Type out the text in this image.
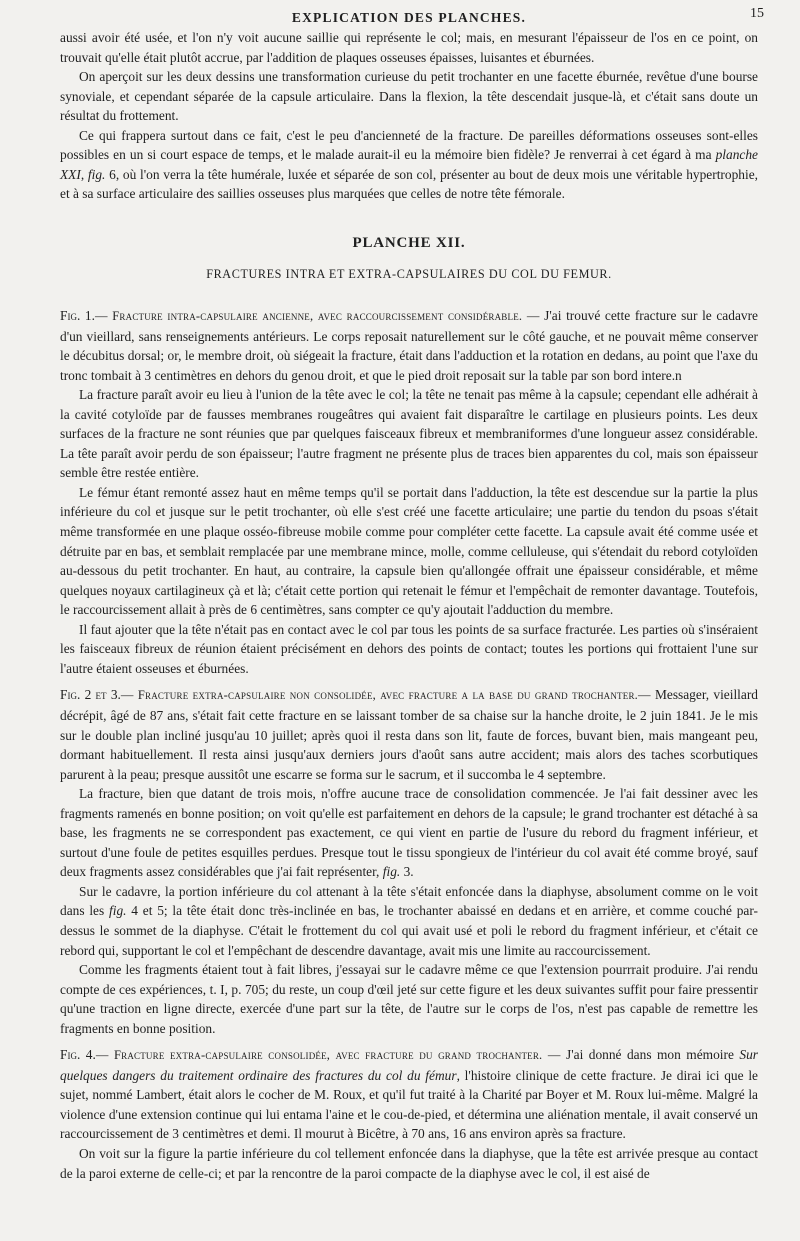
EXPLICATION DES PLANCHES.	15

aussi avoir été usée, et l'on n'y voit aucune saillie qui représente le col; mais, en mesurant l'épaisseur de l'os en ce point, on trouvait qu'elle était plutôt accrue, par l'addition de plaques osseuses épaisses, luisantes et éburnées.

On aperçoit sur les deux dessins une transformation curieuse du petit trochanter en une facette éburnée, revêtue d'une bourse synoviale, et cependant séparée de la capsule articulaire. Dans la flexion, la tête descendait jusque-là, et c'était sans doute un résultat du frottement.

Ce qui frappera surtout dans ce fait, c'est le peu d'ancienneté de la fracture. De pareilles déformations osseuses sont-elles possibles en un si court espace de temps, et le malade aurait-il eu la mémoire bien fidèle? Je renverrai à cet égard à ma planche XXI, fig. 6, où l'on verra la tête humérale, luxée et séparée de son col, présenter au bout de deux mois une véritable hypertrophie, et à sa surface articulaire des saillies osseuses plus marquées que celles de notre tête fémorale.

PLANCHE XII.
FRACTURES INTRA ET EXTRA-CAPSULAIRES DU COL DU FEMUR.

Fig. 1.— Fracture intra-capsulaire ancienne, avec raccourcissement considérable. — J'ai trouvé cette fracture sur le cadavre d'un vieillard, sans renseignements antérieurs. Le corps reposait naturellement sur le côté gauche, et ne pouvait même conserver le décubitus dorsal; or, le membre droit, où siégeait la fracture, était dans l'adduction et la rotation en dedans, au point que l'axe du tronc tombait à 3 centimètres en dehors du genou droit, et que le pied droit reposait sur la table par son bord intere.n

La fracture paraît avoir eu lieu à l'union de la tête avec le col; la tête ne tenait pas même à la capsule; cependant elle adhérait à la cavité cotyloïde par de fausses membranes rougeâtres qui avaient fait disparaître le cartilage en plusieurs points. Les deux surfaces de la fracture ne sont réunies que par quelques faisceaux fibreux et membraniformes d'une longueur assez considérable. La tête paraît avoir perdu de son épaisseur; l'autre fragment ne présente plus de traces bien apparentes du col, mais son épaisseur semble être restée entière.

Le fémur étant remonté assez haut en même temps qu'il se portait dans l'adduction, la tête est descendue sur la partie la plus inférieure du col et jusque sur le petit trochanter, où elle s'est créé une facette articulaire; une partie du tendon du psoas s'était même transformée en une plaque osséo-fibreuse mobile comme pour compléter cette facette. La capsule avait été comme usée et détruite par en bas, et semblait remplacée par une membrane mince, molle, comme celluleuse, qui s'étendait du rebord cotyloïden au-dessous du petit trochanter. En haut, au contraire, la capsule bien qu'allongée offrait une épaisseur considérable, et même quelques noyaux cartilagineux çà et là; c'était cette portion qui retenait le fémur et l'empêchait de remonter davantage. Toutefois, le raccourcissement allait à près de 6 centimètres, sans compter ce qu'y ajoutait l'adduction du membre.

Il faut ajouter que la tête n'était pas en contact avec le col par tous les points de sa surface fracturée. Les parties où s'inséraient les faisceaux fibreux de réunion étaient précisément en dehors des points de contact; toutes les portions qui frottaient l'une sur l'autre étaient osseuses et éburnées.

Fig. 2 et 3.— Fracture extra-capsulaire non consolidée, avec fracture a la base du grand trochanter.— Messager, vieillard décrépit, âgé de 87 ans, s'était fait cette fracture en se laissant tomber de sa chaise sur la hanche droite, le 2 juin 1841. Je le mis sur le double plan incliné jusqu'au 10 juillet; après quoi il resta dans son lit, faute de forces, buvant bien, mais mangeant peu, dormant habituellement. Il resta ainsi jusqu'aux derniers jours d'août sans autre accident; mais alors des taches scorbutiques parurent à la peau; presque aussitôt une escarre se forma sur le sacrum, et il succomba le 4 septembre.

La fracture, bien que datant de trois mois, n'offre aucune trace de consolidation commencée. Je l'ai fait dessiner avec les fragments ramenés en bonne position; on voit qu'elle est parfaitement en dehors de la capsule; le grand trochanter est détaché à sa base, les fragments ne se correspondent pas exactement, ce qui vient en partie de l'usure du rebord du fragment inférieur, et surtout d'une foule de petites esquilles perdues. Presque tout le tissu spongieux de l'intérieur du col avait été comme broyé, sauf deux fragments assez considérables que j'ai fait représenter, fig. 3.

Sur le cadavre, la portion inférieure du col attenant à la tête s'était enfoncée dans la diaphyse, absolument comme on le voit dans les fig. 4 et 5; la tête était donc très-inclinée en bas, le trochanter abaissé en dedans et en arrière, et comme couché par-dessus le sommet de la diaphyse. C'était le frottement du col qui avait usé et poli le rebord du fragment inférieur, et c'était ce rebord qui, supportant le col et l'empêchant de descendre davantage, avait mis une limite au raccourcissement.

Comme les fragments étaient tout à fait libres, j'essayai sur le cadavre même ce que l'extension pourrrait produire. J'ai rendu compte de ces expériences, t. I, p. 705; du reste, un coup d'œil jeté sur cette figure et les deux suivantes suffit pour faire pressentir qu'une traction en ligne directe, exercée d'une part sur la tête, de l'autre sur le corps de l'os, n'est pas capable de remettre les fragments en bonne position.

Fig. 4.— Fracture extra-capsulaire consolidée, avec fracture du grand trochanter. — J'ai donné dans mon mémoire Sur quelques dangers du traitement ordinaire des fractures du col du fémur, l'histoire clinique de cette fracture. Je dirai ici que le sujet, nommé Lambert, était alors le cocher de M. Roux, et qu'il fut traité à la Charité par Boyer et M. Roux lui-même. Malgré la violence d'une extension continue qui lui entama l'aine et le cou-de-pied, et détermina une aliénation mentale, il avait conservé un raccourcissement de 3 centimètres et demi. Il mourut à Bicêtre, à 70 ans, 16 ans environ après sa fracture.

On voit sur la figure la partie inférieure du col tellement enfoncée dans la diaphyse, que la tête est arrivée presque au contact de la paroi externe de celle-ci; et par la rencontre de la paroi compacte de la diaphyse avec le col, il est aisé de
